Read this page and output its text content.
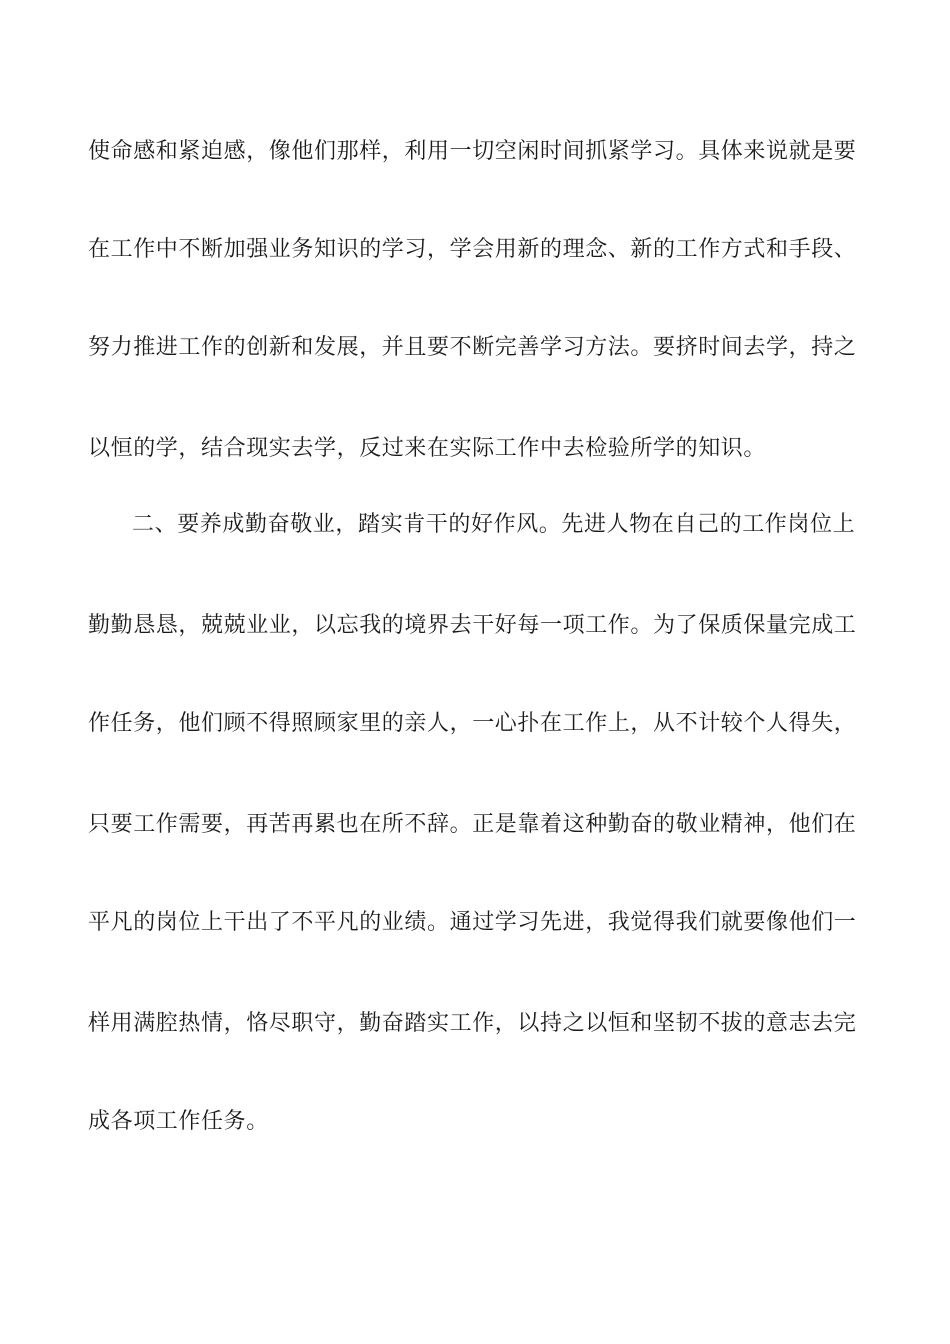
使命感和紧迫感，像他们那样，利用一切空闲时间抓紧学习。具体来说就是要
在工作中不断加强业务知识的学习，学会用新的理念、新的工作方式和手段、
努力推进工作的创新和发展，并且要不断完善学习方法。要挤时间去学，持之
以恒的学，结合现实去学，反过来在实际工作中去检验所学的知识。
二、要养成勤奋敬业，踏实肯干的好作风。先进人物在自己的工作岗位上
勤勤恳恳，兢兢业业，以忘我的境界去干好每一项工作。为了保质保量完成工
作任务，他们顾不得照顾家里的亲人，一心扑在工作上，从不计较个人得失，
只要工作需要，再苦再累也在所不辞。正是靠着这种勤奋的敬业精神，他们在
平凡的岗位上干出了不平凡的业绩。通过学习先进，我觉得我们就要像他们一
样用满腔热情，恪尽职守，勤奋踏实工作，以持之以恒和坚韧不拔的意志去完
成各项工作任务。
